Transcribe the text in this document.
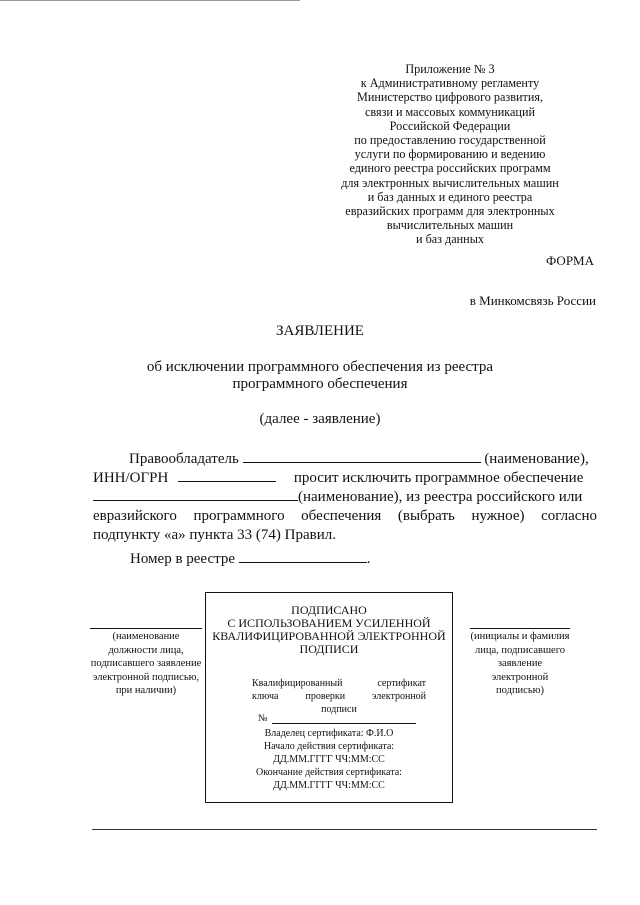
Приложение № 3
к Административному регламенту
Министерство цифрового развития,
связи и массовых коммуникаций
Российской Федерации
по предоставлению государственной
услуги по формированию и ведению
единого реестра российских программ
для электронных вычислительных машин
и баз данных и единого реестра
евразийских программ для электронных
вычислительных машин
и баз данных
ФОРМА
в Минкомсвязь России
ЗАЯВЛЕНИЕ
об исключении программного обеспечения из реестра программного обеспечения
(далее - заявление)
Правообладатель	(наименование),
ИНН/ОГРН	просит исключить программное обеспечение
(наименование), из реестра российского или
евразийского программного обеспечения (выбрать нужное) согласно
подпункту «а» пункта 33 (74) Правил.
Номер в реестре	.
(наименование должности лица, подписавшего заявление электронной подписью, при наличии)
(инициалы и фамилия лица, подписавшего заявление электронной подписью)
ПОДПИСАНО
С ИСПОЛЬЗОВАНИЕМ УСИЛЕННОЙ
КВАЛИФИЦИРОВАННОЙ ЭЛЕКТРОННОЙ
ПОДПИСИ
Квалифицированный сертификат
ключа проверки электронной
подписи
№
Владелец сертификата: Ф.И.О
Начало действия сертификата:
ДД.ММ.ГГГГ ЧЧ:ММ:СС
Окончание действия сертификата:
ДД.ММ.ГГГГ ЧЧ:ММ:СС
